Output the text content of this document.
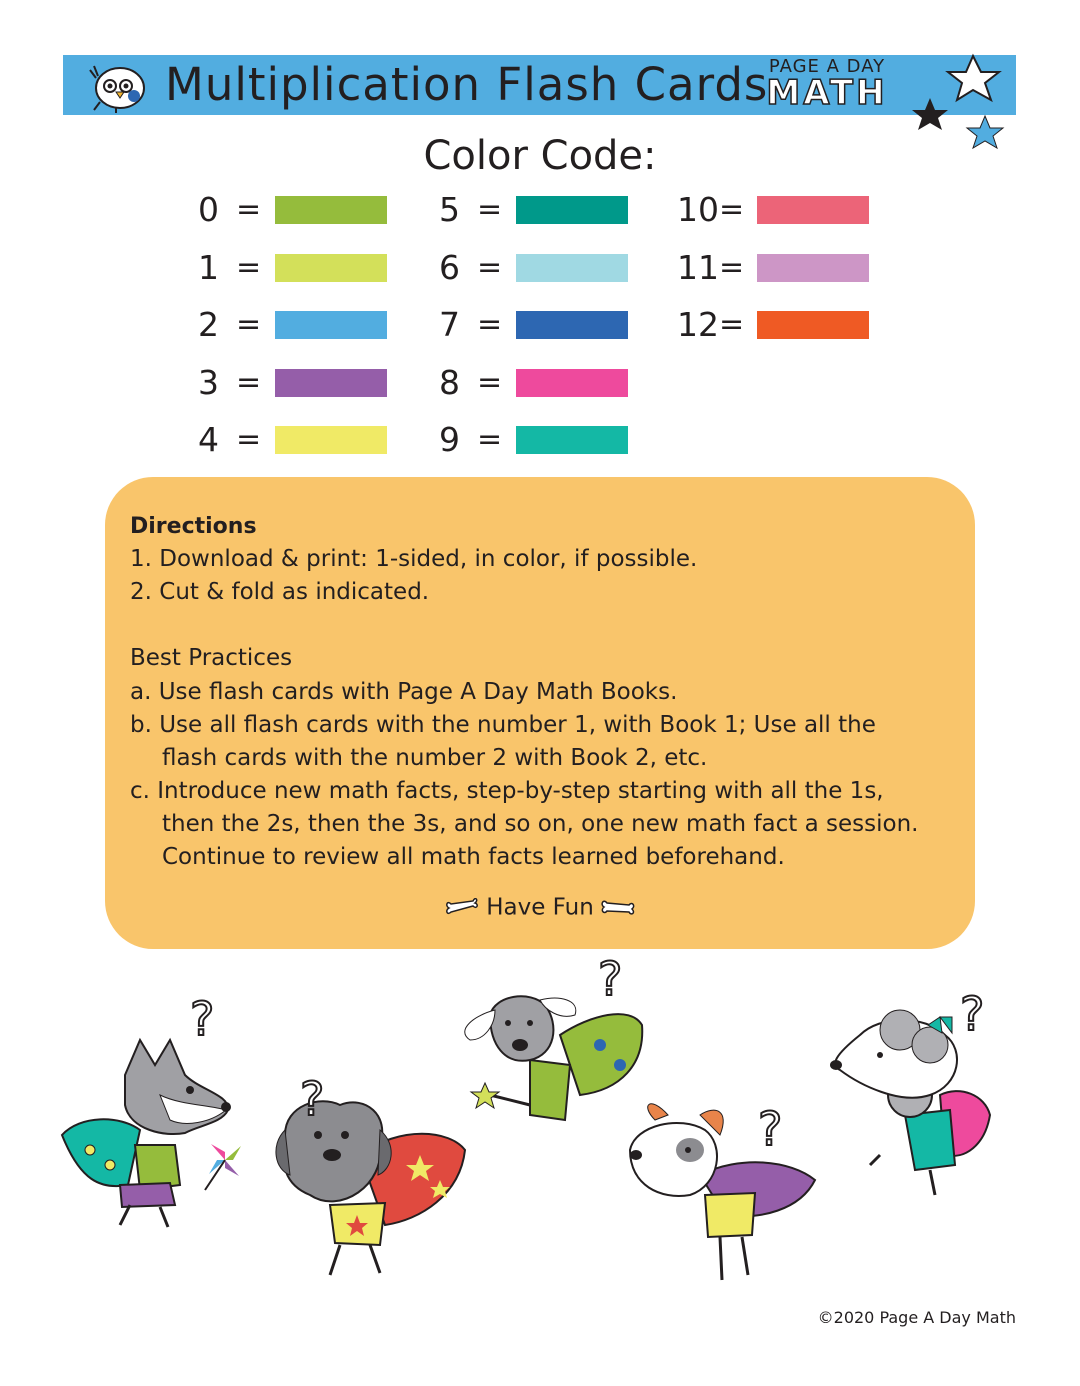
Multiplication Flash Cards PAGE A DAY
MATH
Color Code:
0 =
1 =
2 =
3 =
4 =
5 =
6 =
7 =
8 =
9 =
10 =
11 =
12 =
Directions
1. Download & print: 1-sided, in color, if possible.
2. Cut & fold as indicated.
Best Practices
a. Use flash cards with Page A Day Math Books.
b. Use all flash cards with the number 1, with Book 1; Use all the
flash cards with the number 2 with Book 2, etc.
c. Introduce new math facts, step-by-step starting with all the 1s,
then the 2s, then the 3s, and so on, one new math fact a session.
Continue to review all math facts learned beforehand.
Have Fun
?
?
?
?
?
©2020 Page A Day Math
